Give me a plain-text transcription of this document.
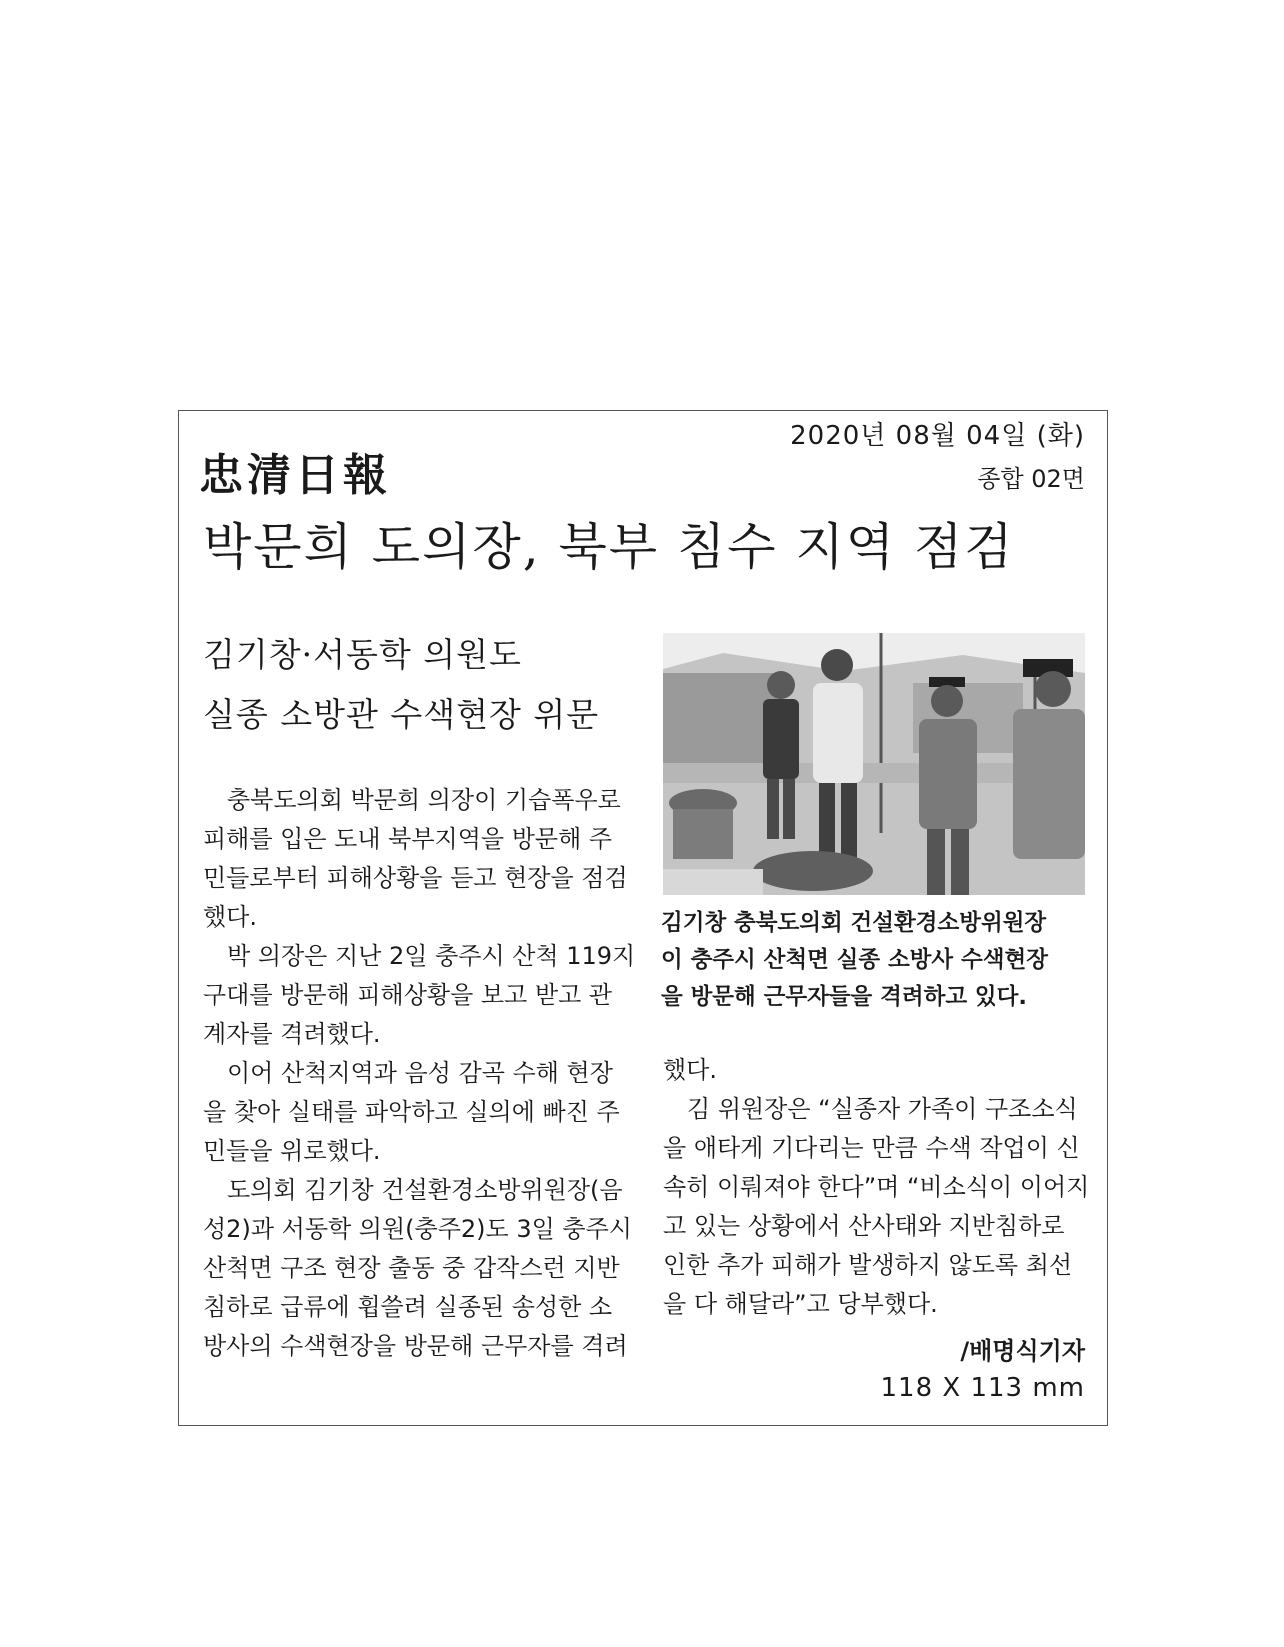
2020년 08월 04일 (화)
종합 02면
忠清日報
박문희 도의장, 북부 침수 지역 점검
김기창·서동학 의원도
실종 소방관 수색현장 위문

김기창 충북도의회 건설환경소방위원장

이 충주시 산척면 실종 소방사 수색현장

을 방문해 근무자들을 격려하고 있다.

충북도의회 박문희 의장이 기습폭우로

피해를 입은 도내 북부지역을 방문해 주

민들로부터 피해상황을 듣고 현장을 점검

했다.

박 의장은 지난 2일 충주시 산척 119지

구대를 방문해 피해상황을 보고 받고 관

계자를 격려했다.

이어 산척지역과 음성 감곡 수해 현장

을 찾아 실태를 파악하고 실의에 빠진 주

민들을 위로했다.

도의회 김기창 건설환경소방위원장(음

성2)과 서동학 의원(충주2)도 3일 충주시

산척면 구조 현장 출동 중 갑작스런 지반

침하로 급류에 휩쓸려 실종된 송성한 소

방사의 수색현장을 방문해 근무자를 격려

했다.

김 위원장은 “실종자 가족이 구조소식

을 애타게 기다리는 만큼 수색 작업이 신

속히 이뤄져야 한다”며 “비소식이 이어지

고 있는 상황에서 산사태와 지반침하로

인한 추가 피해가 발생하지 않도록 최선

을 다 해달라”고 당부했다.

/배명식기자
118 X 113 mm
